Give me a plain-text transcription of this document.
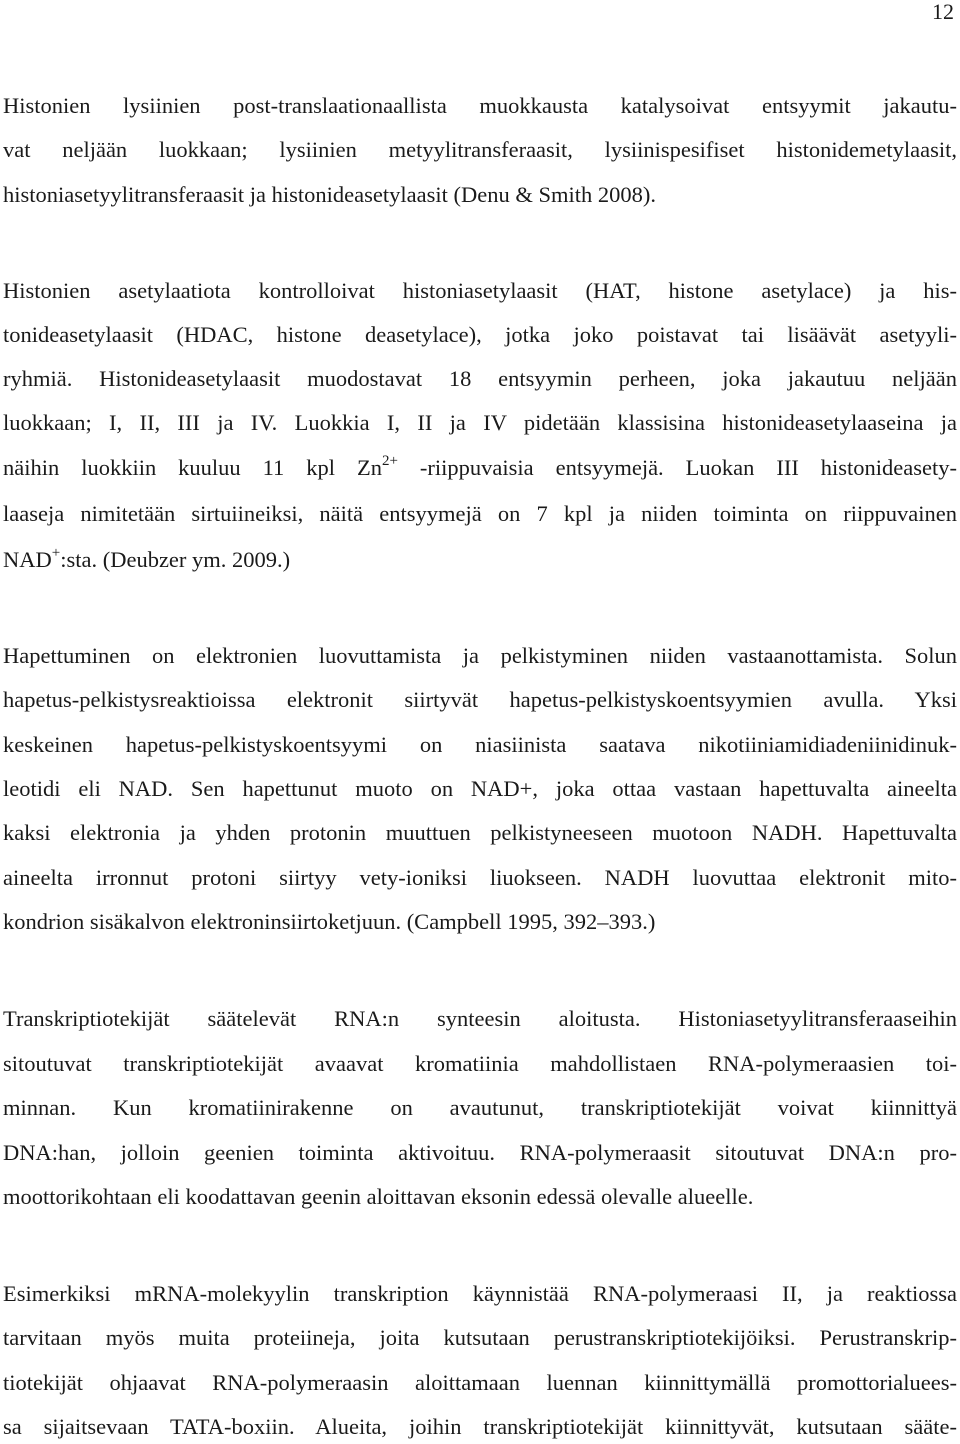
12
Histonien lysiinien post-translaationaallista muokkausta katalysoivat entsyymit jakautu-
vat neljään luokkaan; lysiinien metyylitransferaasit, lysiinispesifiset histonidemetylaasit,
histoniasetyylitransferaasit ja histonideasetylaasit (Denu & Smith 2008).
Histonien asetylaatiota kontrolloivat histoniasetylaasit (HAT, histone asetylace) ja his-
tonideasetylaasit (HDAC, histone deasetylace), jotka joko poistavat tai lisäävät asetyyli-
ryhmiä. Histonideasetylaasit muodostavat 18 entsyymin perheen, joka jakautuu neljään
luokkaan; I, II, III ja IV. Luokkia I, II ja IV pidetään klassisina histonideasetylaaseina ja
näihin luokkiin kuuluu 11 kpl $Zn^{2+}$ -riippuvaisia entsyymejä. Luokan III histonideasety-
laaseja nimitetään sirtuiineiksi, näitä entsyymejä on 7 kpl ja niiden toiminta on riippuvainen
NAD+:sta. (Deubzer ym. 2009.)
Hapettuminen on elektronien luovuttamista ja pelkistyminen niiden vastaanottamista. Solun
hapetus-pelkistysreaktioissa elektronit siirtyvät hapetus-pelkistyskoentsyymien avulla. Yksi
keskeinen hapetus-pelkistyskoentsyymi on niasiinista saatava nikotiiniamidiadeniinidinuk-
leotidi eli NAD. Sen hapettunut muoto on NAD+, joka ottaa vastaan hapettuvalta aineelta
kaksi elektronia ja yhden protonin muuttuen pelkistyneeseen muotoon NADH. Hapettuvalta
aineelta irronnut protoni siirtyy vety-ioniksi liuokseen. NADH luovuttaa elektronit mito-
kondrion sisäkalvon elektroninsiirtoketjuun. (Campbell 1995, 392–393.)
Transkriptiotekijät säätelevät RNA:n synteesin aloitusta. Histoniasetyylitransferaaseihin
sitoutuvat transkriptiotekijät avaavat kromatiinia mahdollistaen RNA-polymeraasien toi-
minnan. Kun kromatiinirakenne on avautunut, transkriptiotekijät voivat kiinnittyä
DNA:han, jolloin geenien toiminta aktivoituu. RNA-polymeraasit sitoutuvat DNA:n pro-
moottorikohtaan eli koodattavan geenin aloittavan eksonin edessä olevalle alueelle.
Esimerkiksi mRNA-molekyylin transkription käynnistää RNA-polymeraasi II, ja reaktiossa
tarvitaan myös muita proteiineja, joita kutsutaan perustranskriptiotekijöiksi. Perustranskrip-
tiotekijät ohjaavat RNA-polymeraasin aloittamaan luennan kiinnittymällä promottorialuees-
sa sijaitsevaan TATA-boxiin. Alueita, joihin transkriptiotekijät kiinnittyvät, kutsutaan sääte-
